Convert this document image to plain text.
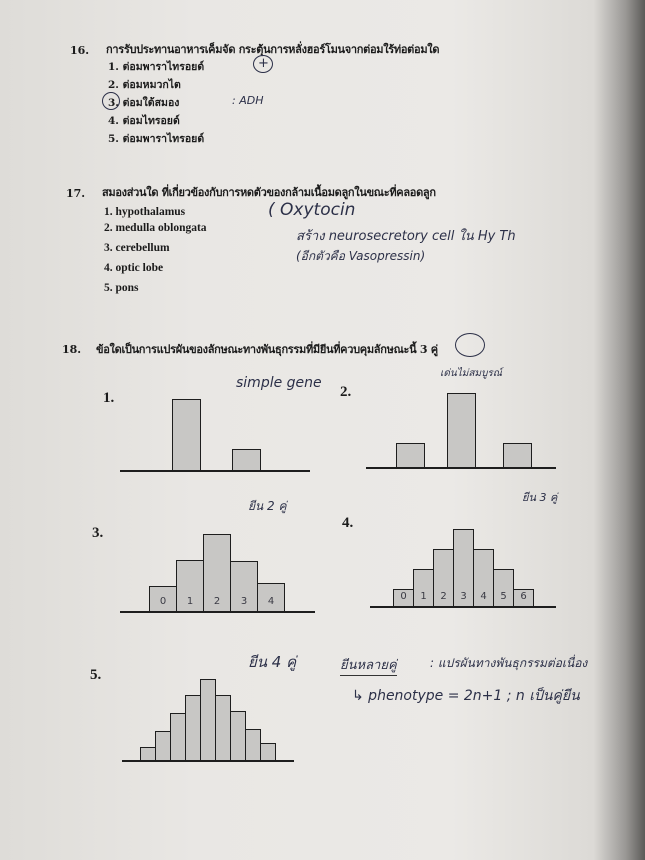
16. การรับประทานอาหารเค็มจัด กระตุ้นการหลั่งฮอร์โมนจากต่อมใร้ท่อต่อมใด
1. ต่อมพาราไทรอยด์
2. ต่อมหมวกไต
3. ต่อมใต้สมอง
4. ต่อมไทรอยด์
5. ต่อมพาราไทรอยด์
+
: ADH
17. สมองส่วนใด ที่เกี่ยวข้องกับการหดตัวของกล้ามเนื้อมดลูกในขณะที่คลอดลูก
1. hypothalamus
2. medulla oblongata
3. cerebellum
4. optic lobe
5. pons
( Oxytocin
สร้าง neurosecretory cell ใน Hy Th
(อีกตัวคือ Vasopressin)
18. ข้อใดเป็นการแปรผันของลักษณะทางพันธุกรรมที่มียีนที่ควบคุมลักษณะนี้ 3 คู่
1.	2.
3.
4.
5.
simple gene
เด่นไม่สมบูรณ์
ยีน 2 คู่
ยีน 3 คู่
ยีน 4 คู่	ยีนหลายคู่	: แปรผันทางพันธุกรรมต่อเนื่อง
↳ phenotype = 2n+1 ; n เป็นคู่ยีน
0	1	2	3	4	0	1	2	3	4	5	6
